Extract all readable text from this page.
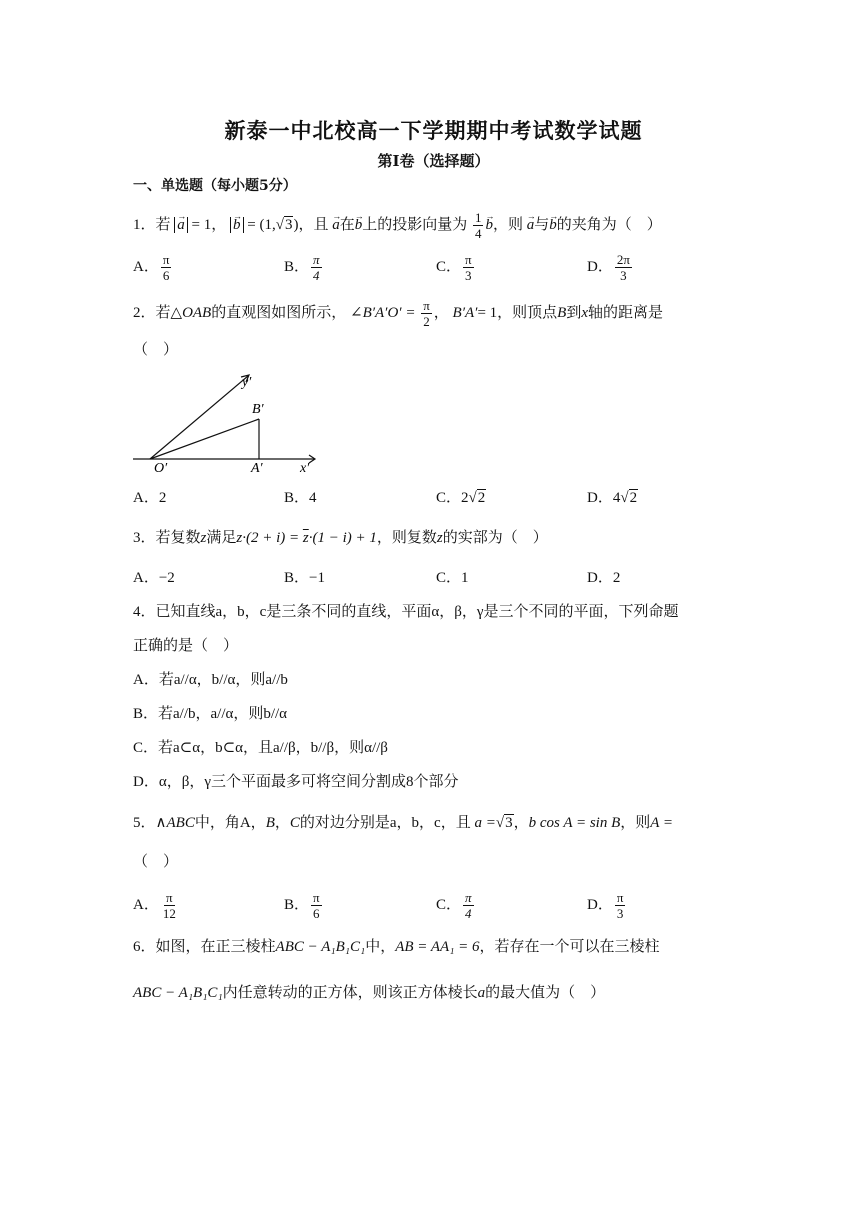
新泰一中北校高一下学期期中考试数学试题
第Ⅰ卷（选择题）
一、单选题（每小题5分）
1．若 → a = 1， → b = (1,√3)，且 → a在→ b上的投影向量为 $\frac{1}{4} \to b$，则 → a与→ b的夹角为（　）
A． $\frac{\pi}{6}$	B． $\frac{\pi}{4}$	C． $\frac{\pi}{3}$	D． $\frac{2\pi}{3}$
2．若△OAB的直观图如图所示， ∠B′A′O′ = $\frac{\pi}{2}$ ， B′A′= 1，则顶点B到x轴的距离是
（　）
y′
B′
O′	A′	x′
A．2	B．4	C．2√2	D．4√2
3．若复数z满足$z\cdot(2 + i) = \overline{z}\cdot(1 - i) + 1$，则复数z的实部为（　）
A．−2	B．−1	C．1	D．2
4．已知直线a，b，c是三条不同的直线，平面α，β，γ是三个不同的平面，下列命题
正确的是（　）
A．若a//α，b//α，则a//b
B．若a//b，a//α，则b//α
C．若a⊂α，b⊂α，且a//β，b//β，则α//β
D．α，β，γ三个平面最多可将空间分割成8个部分
5．∧ABC中，角A，B，C的对边分别是a，b，c，且 a =√3，b cos A = sin B，则A =
（　）
A． $\frac{\pi}{12}$	B． $\frac{\pi}{6}$	C． $\frac{\pi}{4}$	D． $\frac{\pi}{3}$
6．如图，在正三棱柱ABC − A₁B₁C₁中，AB = AA₁ = 6，若存在一个可以在三棱柱
ABC − A₁B₁C₁内任意转动的正方体，则该正方体棱长a的最大值为（　）
